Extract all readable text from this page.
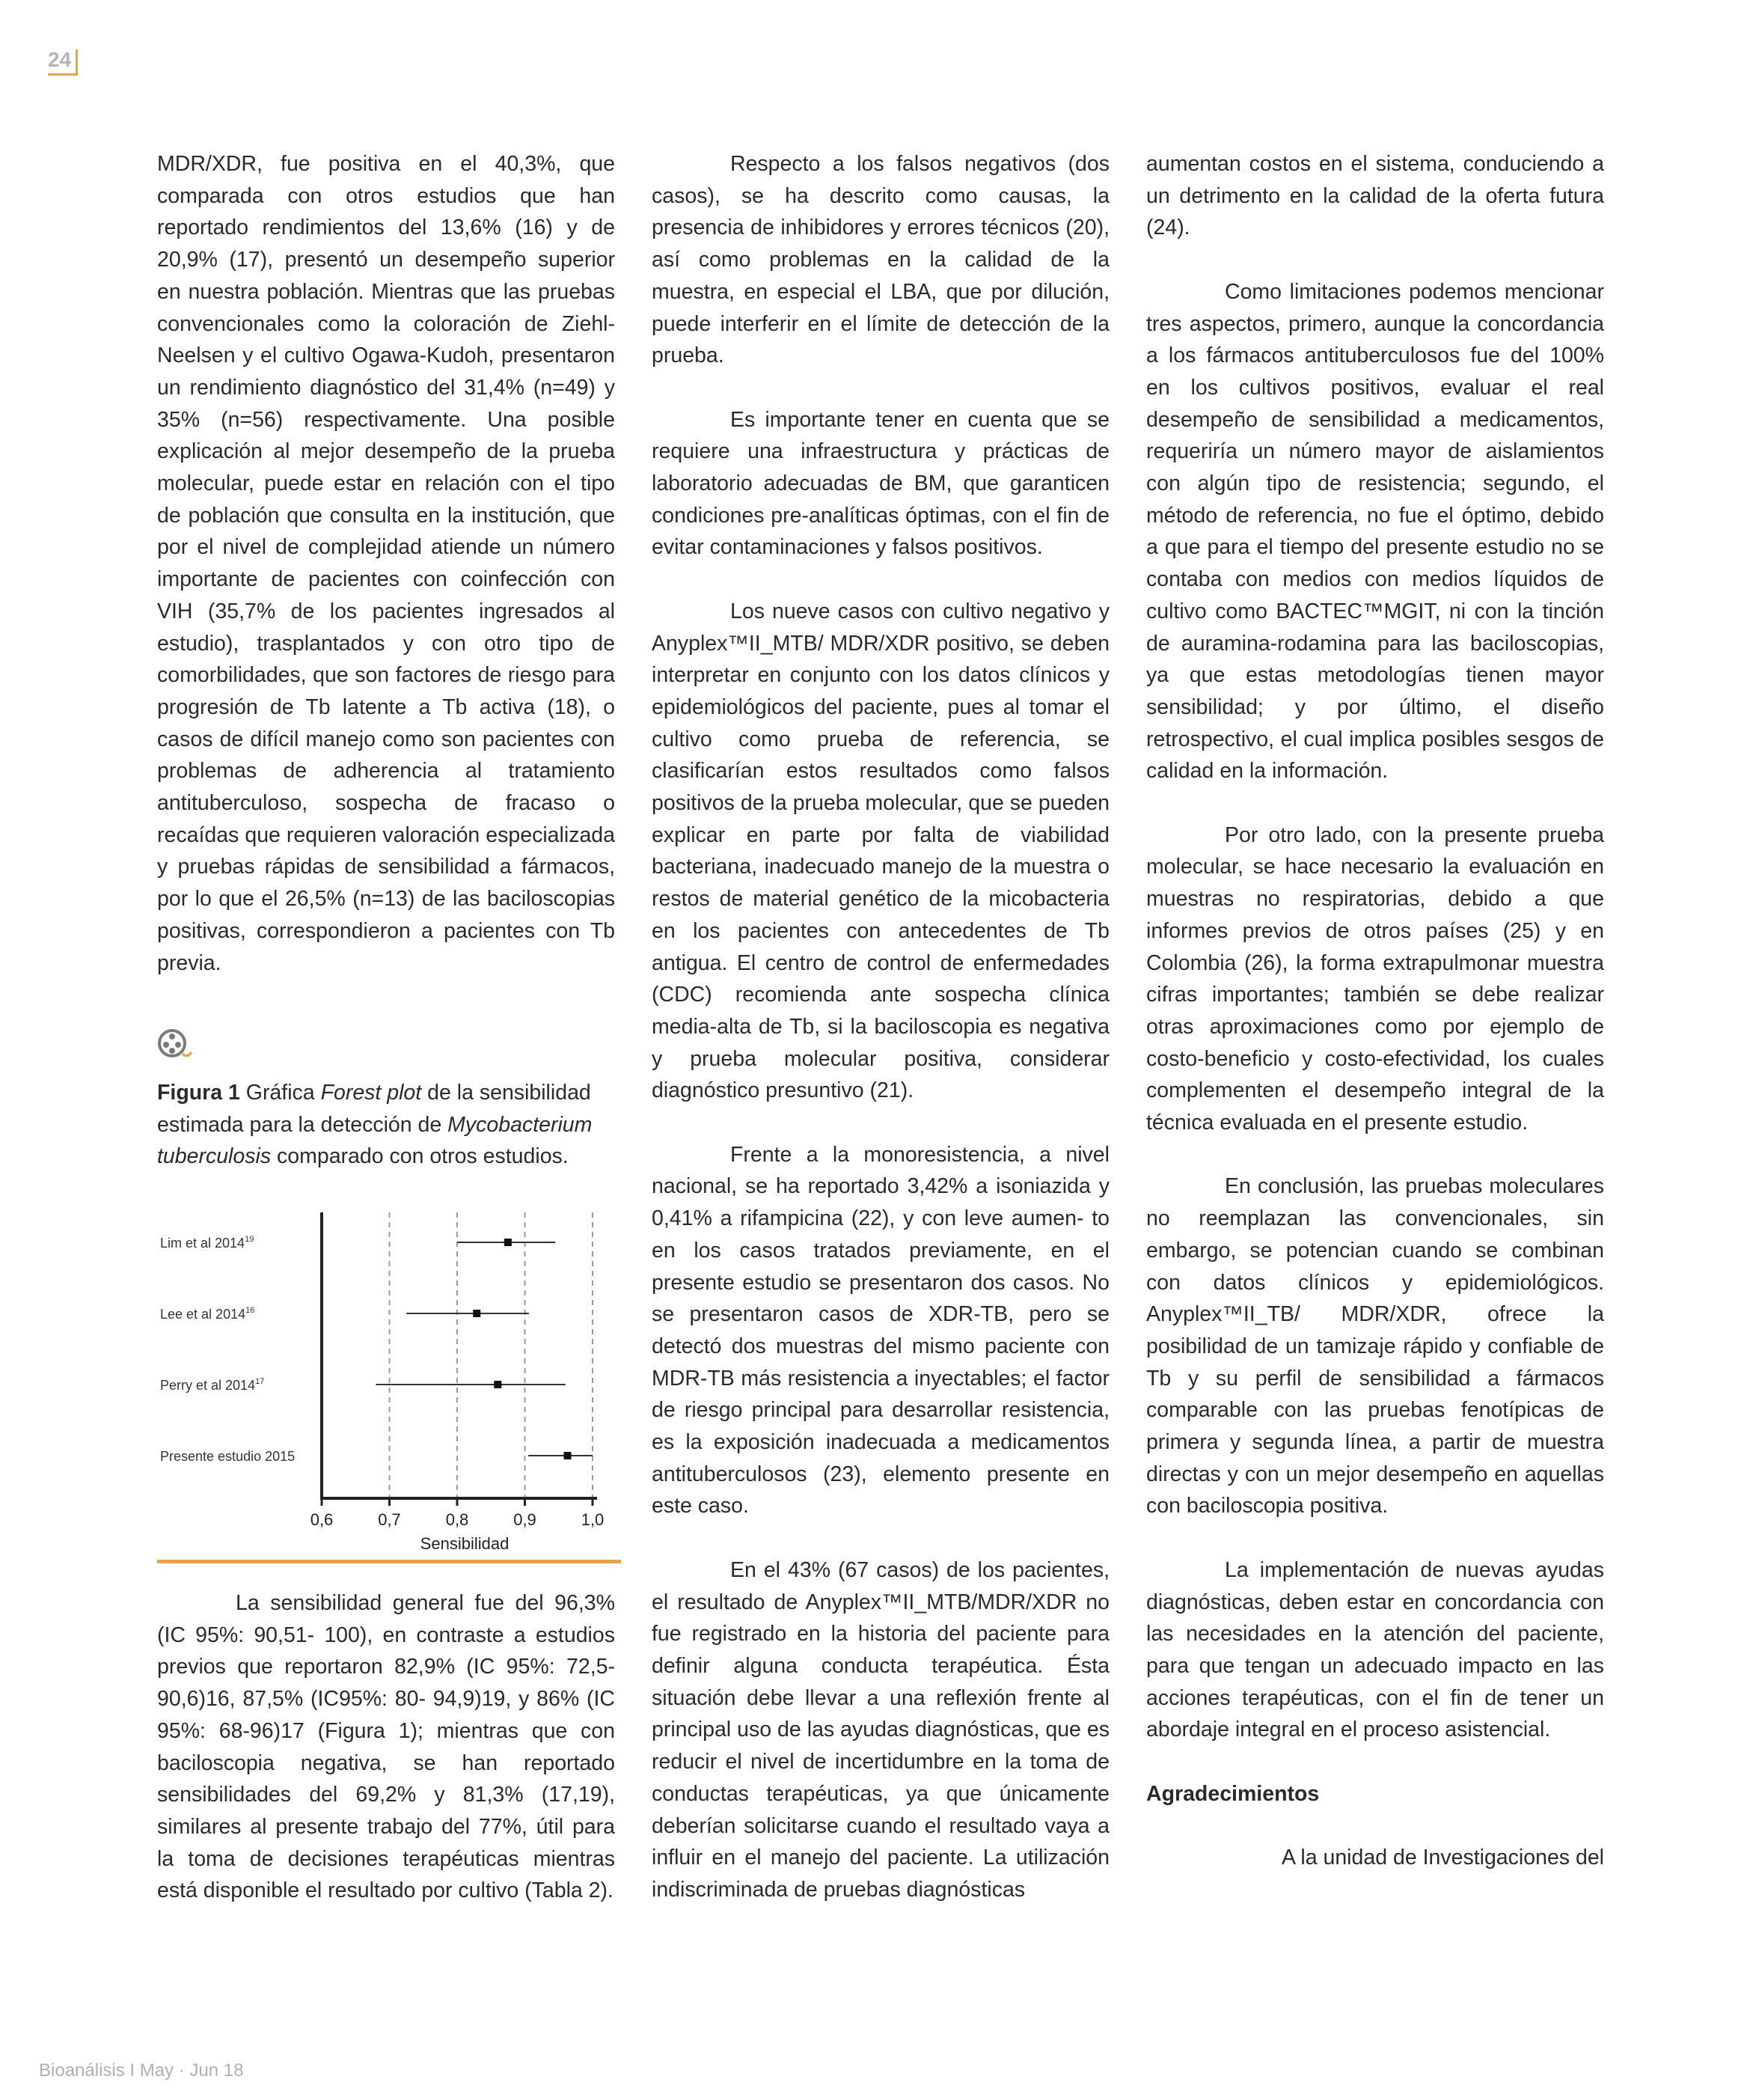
24

MDR/XDR, fue positiva en el 40,3%, que comparada con otros estudios que han reportado rendimientos del 13,6% (16) y de 20,9% (17), presentó un desempeño superior en nuestra población. Mientras que las pruebas convencionales como la coloración de Ziehl-Neelsen y el cultivo Ogawa-Kudoh, presentaron un rendimiento diagnóstico del 31,4% (n=49) y 35% (n=56) respectivamente. Una posible explicación al mejor desempeño de la prueba molecular, puede estar en relación con el tipo de población que consulta en la institución, que por el nivel de complejidad atiende un número importante de pacientes con coinfección con VIH (35,7% de los pacientes ingresados al estudio), trasplantados y con otro tipo de comorbilidades, que son factores de riesgo para progresión de Tb latente a Tb activa (18), o casos de difícil manejo como son pacientes con problemas de adherencia al tratamiento antituberculoso, sospecha de fracaso o recaídas que requieren valoración especializada y pruebas rápidas de sensibilidad a fármacos, por lo que el 26,5% (n=13) de las baciloscopias positivas, correspondieron a pacientes con Tb previa.

Figura 1 Gráfica Forest plot de la sensibilidad estimada para la detección de Mycobacterium tuberculosis comparado con otros estudios.
0,6	0,7	0,8	0,9	1,0
Sensibilidad
Lim et al 2014$^{19}$
Lee et al 2014$^{16}$
Perry et al 2014$^{17}$
Presente estudio 2015

La sensibilidad general fue del 96,3% (IC 95%: 90,51- 100), en contraste a estudios previos que reportaron 82,9% (IC 95%: 72,5-90,6)16, 87,5% (IC95%: 80- 94,9)19, y 86% (IC 95%: 68-96)17 (Figura 1); mientras que con baciloscopia negativa, se han reportado sensibilidades del 69,2% y 81,3% (17,19), similares al presente trabajo del 77%, útil para la toma de decisiones terapéuticas mientras está disponible el resultado por cultivo (Tabla 2).

Respecto a los falsos negativos (dos casos), se ha descrito como causas, la presencia de inhibidores y errores técnicos (20), así como problemas en la calidad de la muestra, en especial el LBA, que por dilución, puede interferir en el límite de detección de la prueba.

Es importante tener en cuenta que se requiere una infraestructura y prácticas de laboratorio adecuadas de BM, que garanticen condiciones pre-analíticas óptimas, con el fin de evitar contaminaciones y falsos positivos.

Los nueve casos con cultivo negativo y Anyplex™II_MTB/ MDR/XDR positivo, se deben interpretar en conjunto con los datos clínicos y epidemiológicos del paciente, pues al tomar el cultivo como prueba de referencia, se clasificarían estos resultados como falsos positivos de la prueba molecular, que se pueden explicar en parte por falta de viabilidad bacteriana, inadecuado manejo de la muestra o restos de material genético de la micobacteria en los pacientes con antecedentes de Tb antigua. El centro de control de enfermedades (CDC) recomienda ante sospecha clínica media-alta de Tb, si la baciloscopia es negativa y prueba molecular positiva, considerar diagnóstico presuntivo (21).

Frente a la monoresistencia, a nivel nacional, se ha reportado 3,42% a isoniazida y 0,41% a rifampicina (22), y con leve aumen- to en los casos tratados previamente, en el presente estudio se presentaron dos casos. No se presentaron casos de XDR-TB, pero se detectó dos muestras del mismo paciente con MDR-TB más resistencia a inyectables; el factor de riesgo principal para desarrollar resistencia, es la exposición inadecuada a medicamentos antituberculosos (23), elemento presente en este caso.

En el 43% (67 casos) de los pacientes, el resultado de Anyplex™II_MTB/MDR/XDR no fue registrado en la historia del paciente para definir alguna conducta terapéutica. Ésta situación debe llevar a una reflexión frente al principal uso de las ayudas diagnósticas, que es reducir el nivel de incertidumbre en la toma de conductas terapéuticas, ya que únicamente deberían solicitarse cuando el resultado vaya a influir en el manejo del paciente. La utilización indiscriminada de pruebas diagnósticas

aumentan costos en el sistema, conduciendo a un detrimento en la calidad de la oferta futura (24).

Como limitaciones podemos mencionar tres aspectos, primero, aunque la concordancia a los fármacos antituberculosos fue del 100% en los cultivos positivos, evaluar el real desempeño de sensibilidad a medicamentos, requeriría un número mayor de aislamientos con algún tipo de resistencia; segundo, el método de referencia, no fue el óptimo, debido a que para el tiempo del presente estudio no se contaba con medios con medios líquidos de cultivo como BACTEC™MGIT, ni con la tinción de auramina-rodamina para las baciloscopias, ya que estas metodologías tienen mayor sensibilidad; y por último, el diseño retrospectivo, el cual implica posibles sesgos de calidad en la información.

Por otro lado, con la presente prueba molecular, se hace necesario la evaluación en muestras no respiratorias, debido a que informes previos de otros países (25) y en Colombia (26), la forma extrapulmonar muestra cifras importantes; también se debe realizar otras aproximaciones como por ejemplo de costo-beneficio y costo-efectividad, los cuales complementen el desempeño integral de la técnica evaluada en el presente estudio.

En conclusión, las pruebas moleculares no reemplazan las convencionales, sin embargo, se potencian cuando se combinan con datos clínicos y epidemiológicos. Anyplex™II_TB/ MDR/XDR, ofrece la posibilidad de un tamizaje rápido y confiable de Tb y su perfil de sensibilidad a fármacos comparable con las pruebas fenotípicas de primera y segunda línea, a partir de muestra directas y con un mejor desempeño en aquellas con baciloscopia positiva.

La implementación de nuevas ayudas diagnósticas, deben estar en concordancia con las necesidades en la atención del paciente, para que tengan un adecuado impacto en las acciones terapéuticas, con el fin de tener un abordaje integral en el proceso asistencial.

Agradecimientos

A la unidad de Investigaciones del

Bioanálisis I May · Jun 18
